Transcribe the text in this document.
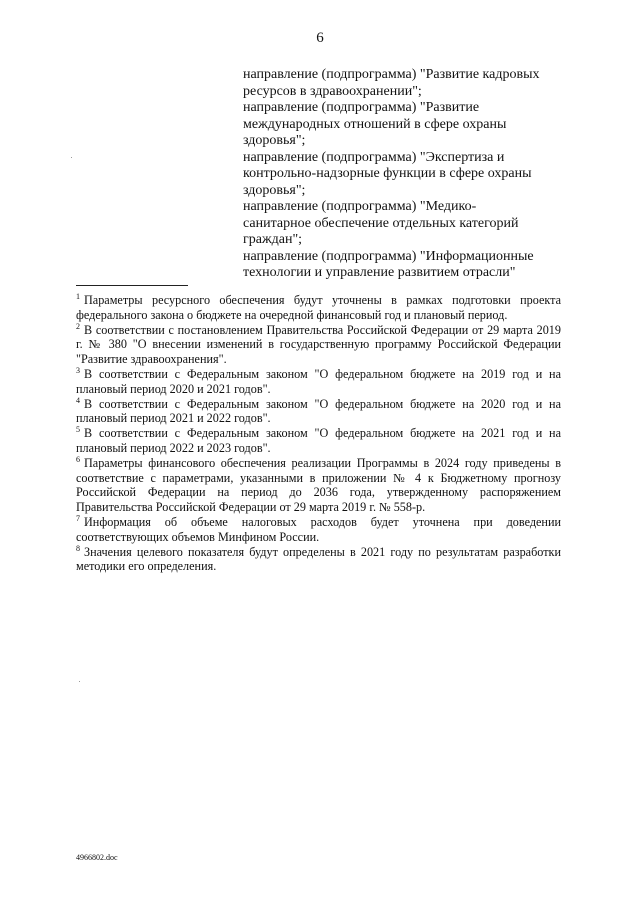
6

направление (подпрограмма) "Развитие кадровых ресурсов в здравоохранении";

направление (подпрограмма) "Развитие международных отношений в сфере охраны здоровья";

направление (подпрограмма) "Экспертиза и контрольно-надзорные функции в сфере охраны здоровья";

направление (подпрограмма) "Медико-санитарное обеспечение отдельных категорий граждан";

направление (подпрограмма) "Информационные технологии и управление развитием отрасли"

$^1$ Параметры ресурсного обеспечения будут уточнены в рамках подготовки проекта федерального закона о бюджете на очередной финансовый год и плановый период.

$^2$ В соответствии с постановлением Правительства Российской Федерации от 29 марта 2019 г. № 380 "О внесении изменений в государственную программу Российской Федерации "Развитие здравоохранения".

$^3$ В соответствии с Федеральным законом "О федеральном бюджете на 2019 год и на плановый период 2020 и 2021 годов".

$^4$ В соответствии с Федеральным законом "О федеральном бюджете на 2020 год и на плановый период 2021 и 2022 годов".

$^5$ В соответствии с Федеральным законом "О федеральном бюджете на 2021 год и на плановый период 2022 и 2023 годов".

$^6$ Параметры финансового обеспечения реализации Программы в 2024 году приведены в соответствие с параметрами, указанными в приложении № 4 к Бюджетному прогнозу Российской Федерации на период до 2036 года, утвержденному распоряжением Правительства Российской Федерации от 29 марта 2019 г. № 558-р.

$^7$ Информация об объеме налоговых расходов будет уточнена при доведении соответствующих объемов Минфином России.

$^8$ Значения целевого показателя будут определены в 2021 году по результатам разработки методики его определения.

4966802.doc
